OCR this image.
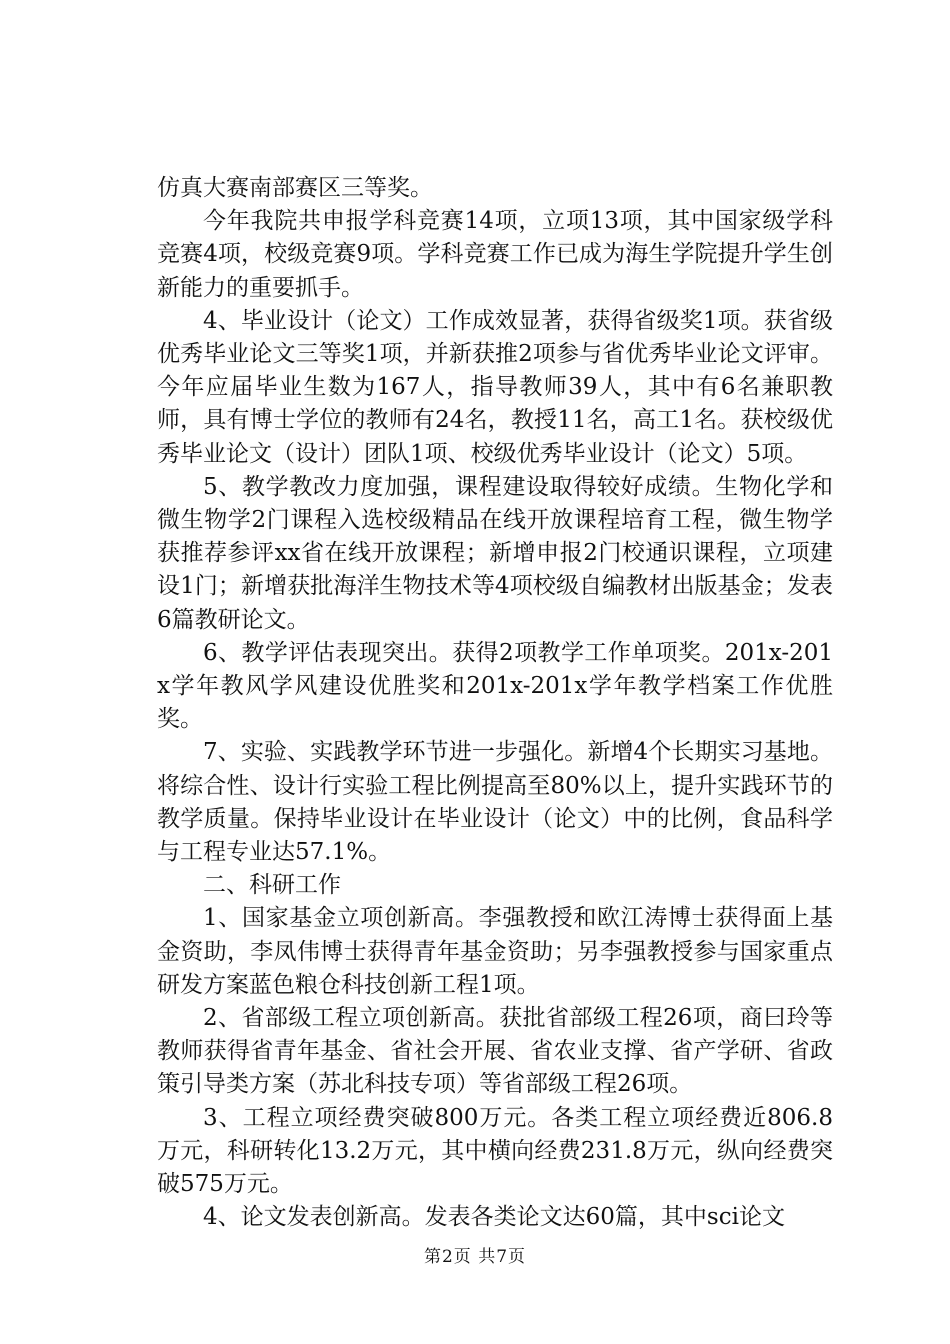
仿真大赛南部赛区三等奖。

今年我院共申报学科竞赛14项，立项13项，其中国家级学科竞赛4项，校级竞赛9项。学科竞赛工作已成为海生学院提升学生创新能力的重要抓手。

4、毕业设计（论文）工作成效显著，获得省级奖1项。获省级优秀毕业论文三等奖1项，并新获推2项参与省优秀毕业论文评审。今年应届毕业生数为167人，指导教师39人，其中有6名兼职教师，具有博士学位的教师有24名，教授11名，高工1名。获校级优秀毕业论文（设计）团队1项、校级优秀毕业设计（论文）5项。

5、教学教改力度加强，课程建设取得较好成绩。生物化学和微生物学2门课程入选校级精品在线开放课程培育工程，微生物学获推荐参评xx省在线开放课程；新增申报2门校通识课程，立项建设1门；新增获批海洋生物技术等4项校级自编教材出版基金；发表6篇教研论文。

6、教学评估表现突出。获得2项教学工作单项奖。201x-201x学年教风学风建设优胜奖和201x-201x学年教学档案工作优胜奖。

7、实验、实践教学环节进一步强化。新增4个长期实习基地。将综合性、设计行实验工程比例提高至80%以上，提升实践环节的教学质量。保持毕业设计在毕业设计（论文）中的比例，食品科学与工程专业达57.1%。

二、科研工作

1、国家基金立项创新高。李强教授和欧江涛博士获得面上基金资助，李凤伟博士获得青年基金资助；另李强教授参与国家重点研发方案蓝色粮仓科技创新工程1项。

2、省部级工程立项创新高。获批省部级工程26项，商曰玲等教师获得省青年基金、省社会开展、省农业支撑、省产学研、省政策引导类方案（苏北科技专项）等省部级工程26项。

3、工程立项经费突破800万元。各类工程立项经费近806.8万元，科研转化13.2万元，其中横向经费231.8万元，纵向经费突破575万元。

4、论文发表创新高。发表各类论文达60篇，其中sci论文

第2页 共7页
